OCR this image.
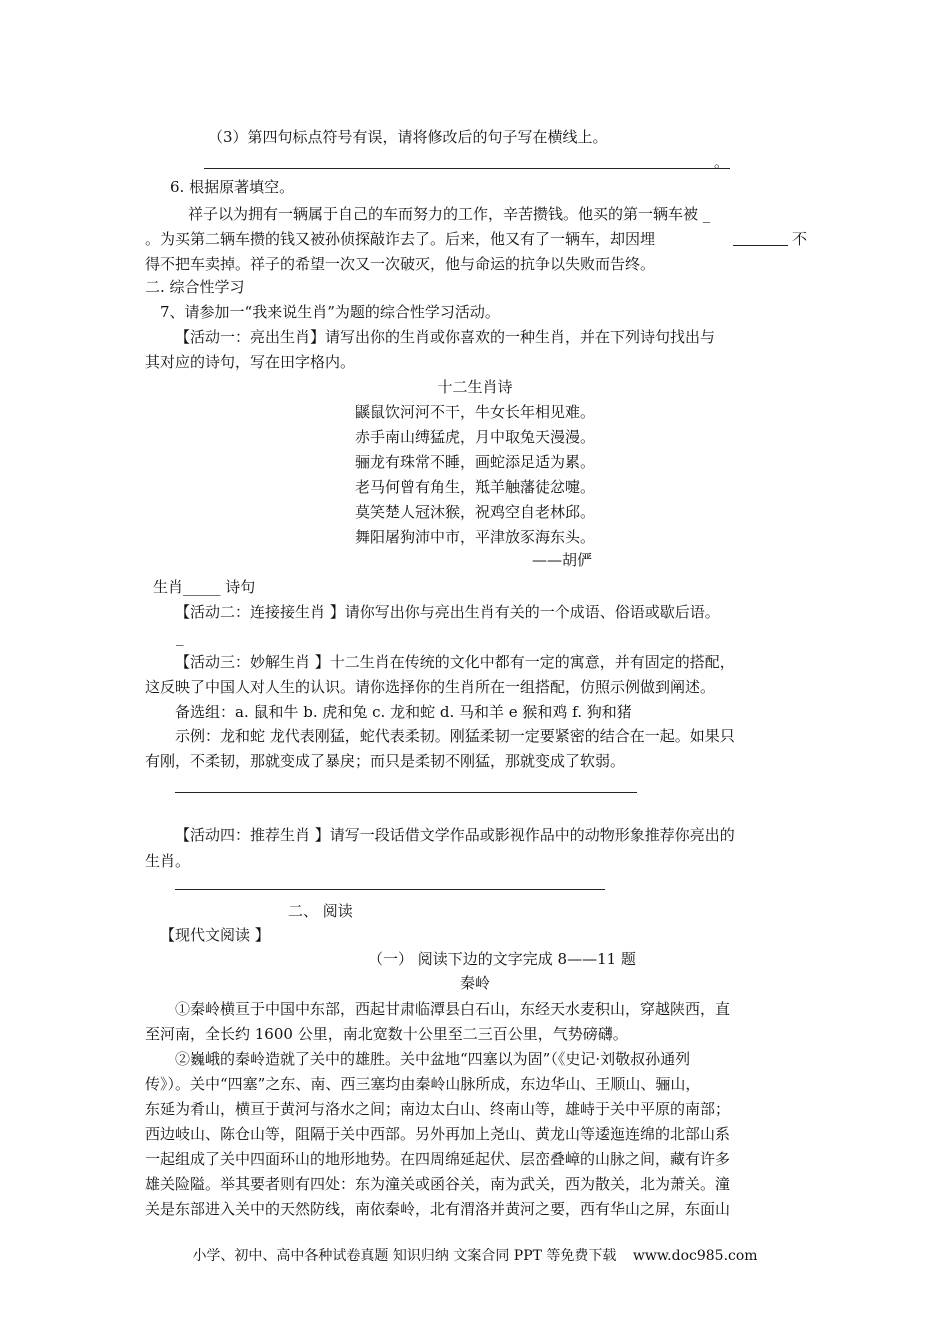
（3）第四句标点符号有误，请将修改后的句子写在横线上。
。
6. 根据原著填空。
祥子以为拥有一辆属于自己的车而努力的工作，辛苦攒钱。他买的第一辆车被 _
。为买第二辆车攒的钱又被孙侦探敲诈去了。后来，他又有了一辆车，却因埋	不
得不把车卖掉。祥子的希望一次又一次破灭，他与命运的抗争以失败而告终。
二. 综合性学习
7、请参加一“我来说生肖”为题的综合性学习活动。
【活动一：亮出生肖】请写出你的生肖或你喜欢的一种生肖，并在下列诗句找出与
其对应的诗句，写在田字格内。
十二生肖诗
鼷鼠饮河河不干，牛女长年相见难。
赤手南山缚猛虎，月中取兔天漫漫。
骊龙有珠常不睡，画蛇添足适为累。
老马何曾有角生，羝羊触藩徒忿嚏。
莫笑楚人冠沐猴，祝鸡空自老林邱。
舞阳屠狗沛中市，平津放豕海东头。
——胡俨
生肖_____ 诗句
【活动二：连接接生肖 】请你写出你与亮出生肖有关的一个成语、俗语或歇后语。
_
【活动三：妙解生肖 】十二生肖在传统的文化中都有一定的寓意，并有固定的搭配，
这反映了中国人对人生的认识。请你选择你的生肖所在一组搭配，仿照示例做到阐述。
备选组：a. 鼠和牛 b. 虎和兔 c. 龙和蛇 d. 马和羊 e 猴和鸡 f. 狗和猪
示例：龙和蛇 龙代表刚猛，蛇代表柔韧。刚猛柔韧一定要紧密的结合在一起。如果只
有刚，不柔韧，那就变成了暴戾；而只是柔韧不刚猛，那就变成了软弱。
【活动四：推荐生肖 】请写一段话借文学作品或影视作品中的动物形象推荐你亮出的
生肖。
二、 阅读
【现代文阅读 】
（一） 阅读下边的文字完成 8——11 题
秦岭
①秦岭横亘于中国中东部，西起甘肃临潭县白石山，东经天水麦积山，穿越陕西，直
至河南，全长约 1600 公里，南北宽数十公里至二三百公里，气势磅礴。
②巍峨的秦岭造就了关中的雄胜。关中盆地“四塞以为固”（《史记·刘敬叔孙通列
传》）。关中“四塞”之东、南、西三塞均由秦岭山脉所成，东边华山、王顺山、骊山，
东延为肴山，横亘于黄河与洛水之间；南边太白山、终南山等，雄峙于关中平原的南部；
西边岐山、陈仓山等，阻隔于关中西部。另外再加上尧山、黄龙山等逶迤连绵的北部山系
一起组成了关中四面环山的地形地势。在四周绵延起伏、层峦叠嶂的山脉之间，藏有许多
雄关险隘。举其要者则有四处：东为潼关或函谷关，南为武关，西为散关，北为萧关。潼
关是东部进入关中的天然防线，南依秦岭，北有渭洛并黄河之要，西有华山之屏，东面山
小学、初中、高中各种试卷真题 知识归纳 文案合同 PPT 等免费下载 www.doc985.com
